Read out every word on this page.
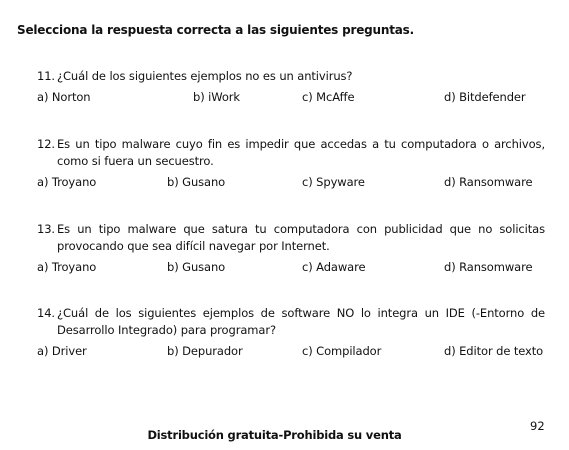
Selecciona la respuesta correcta a las siguientes preguntas.
11. ¿Cuál de los siguientes ejemplos no es un antivirus?
a) Norton	b) iWork	c) McAffe	d) Bitdefender
12. Es un tipo malware cuyo fin es impedir que accedas a tu computadora o archivos, como si fuera un secuestro.
a) Troyano	b) Gusano	c) Spyware	d) Ransomware
13. Es un tipo malware que satura tu computadora con publicidad que no solicitas provocando que sea difícil navegar por Internet.
a) Troyano	b) Gusano	c) Adaware	d) Ransomware
14. ¿Cuál de los siguientes ejemplos de software NO lo integra un IDE (-Entorno de Desarrollo Integrado) para programar?
a) Driver	b) Depurador	c) Compilador	d) Editor de texto
Distribución gratuita-Prohibida su venta
92
